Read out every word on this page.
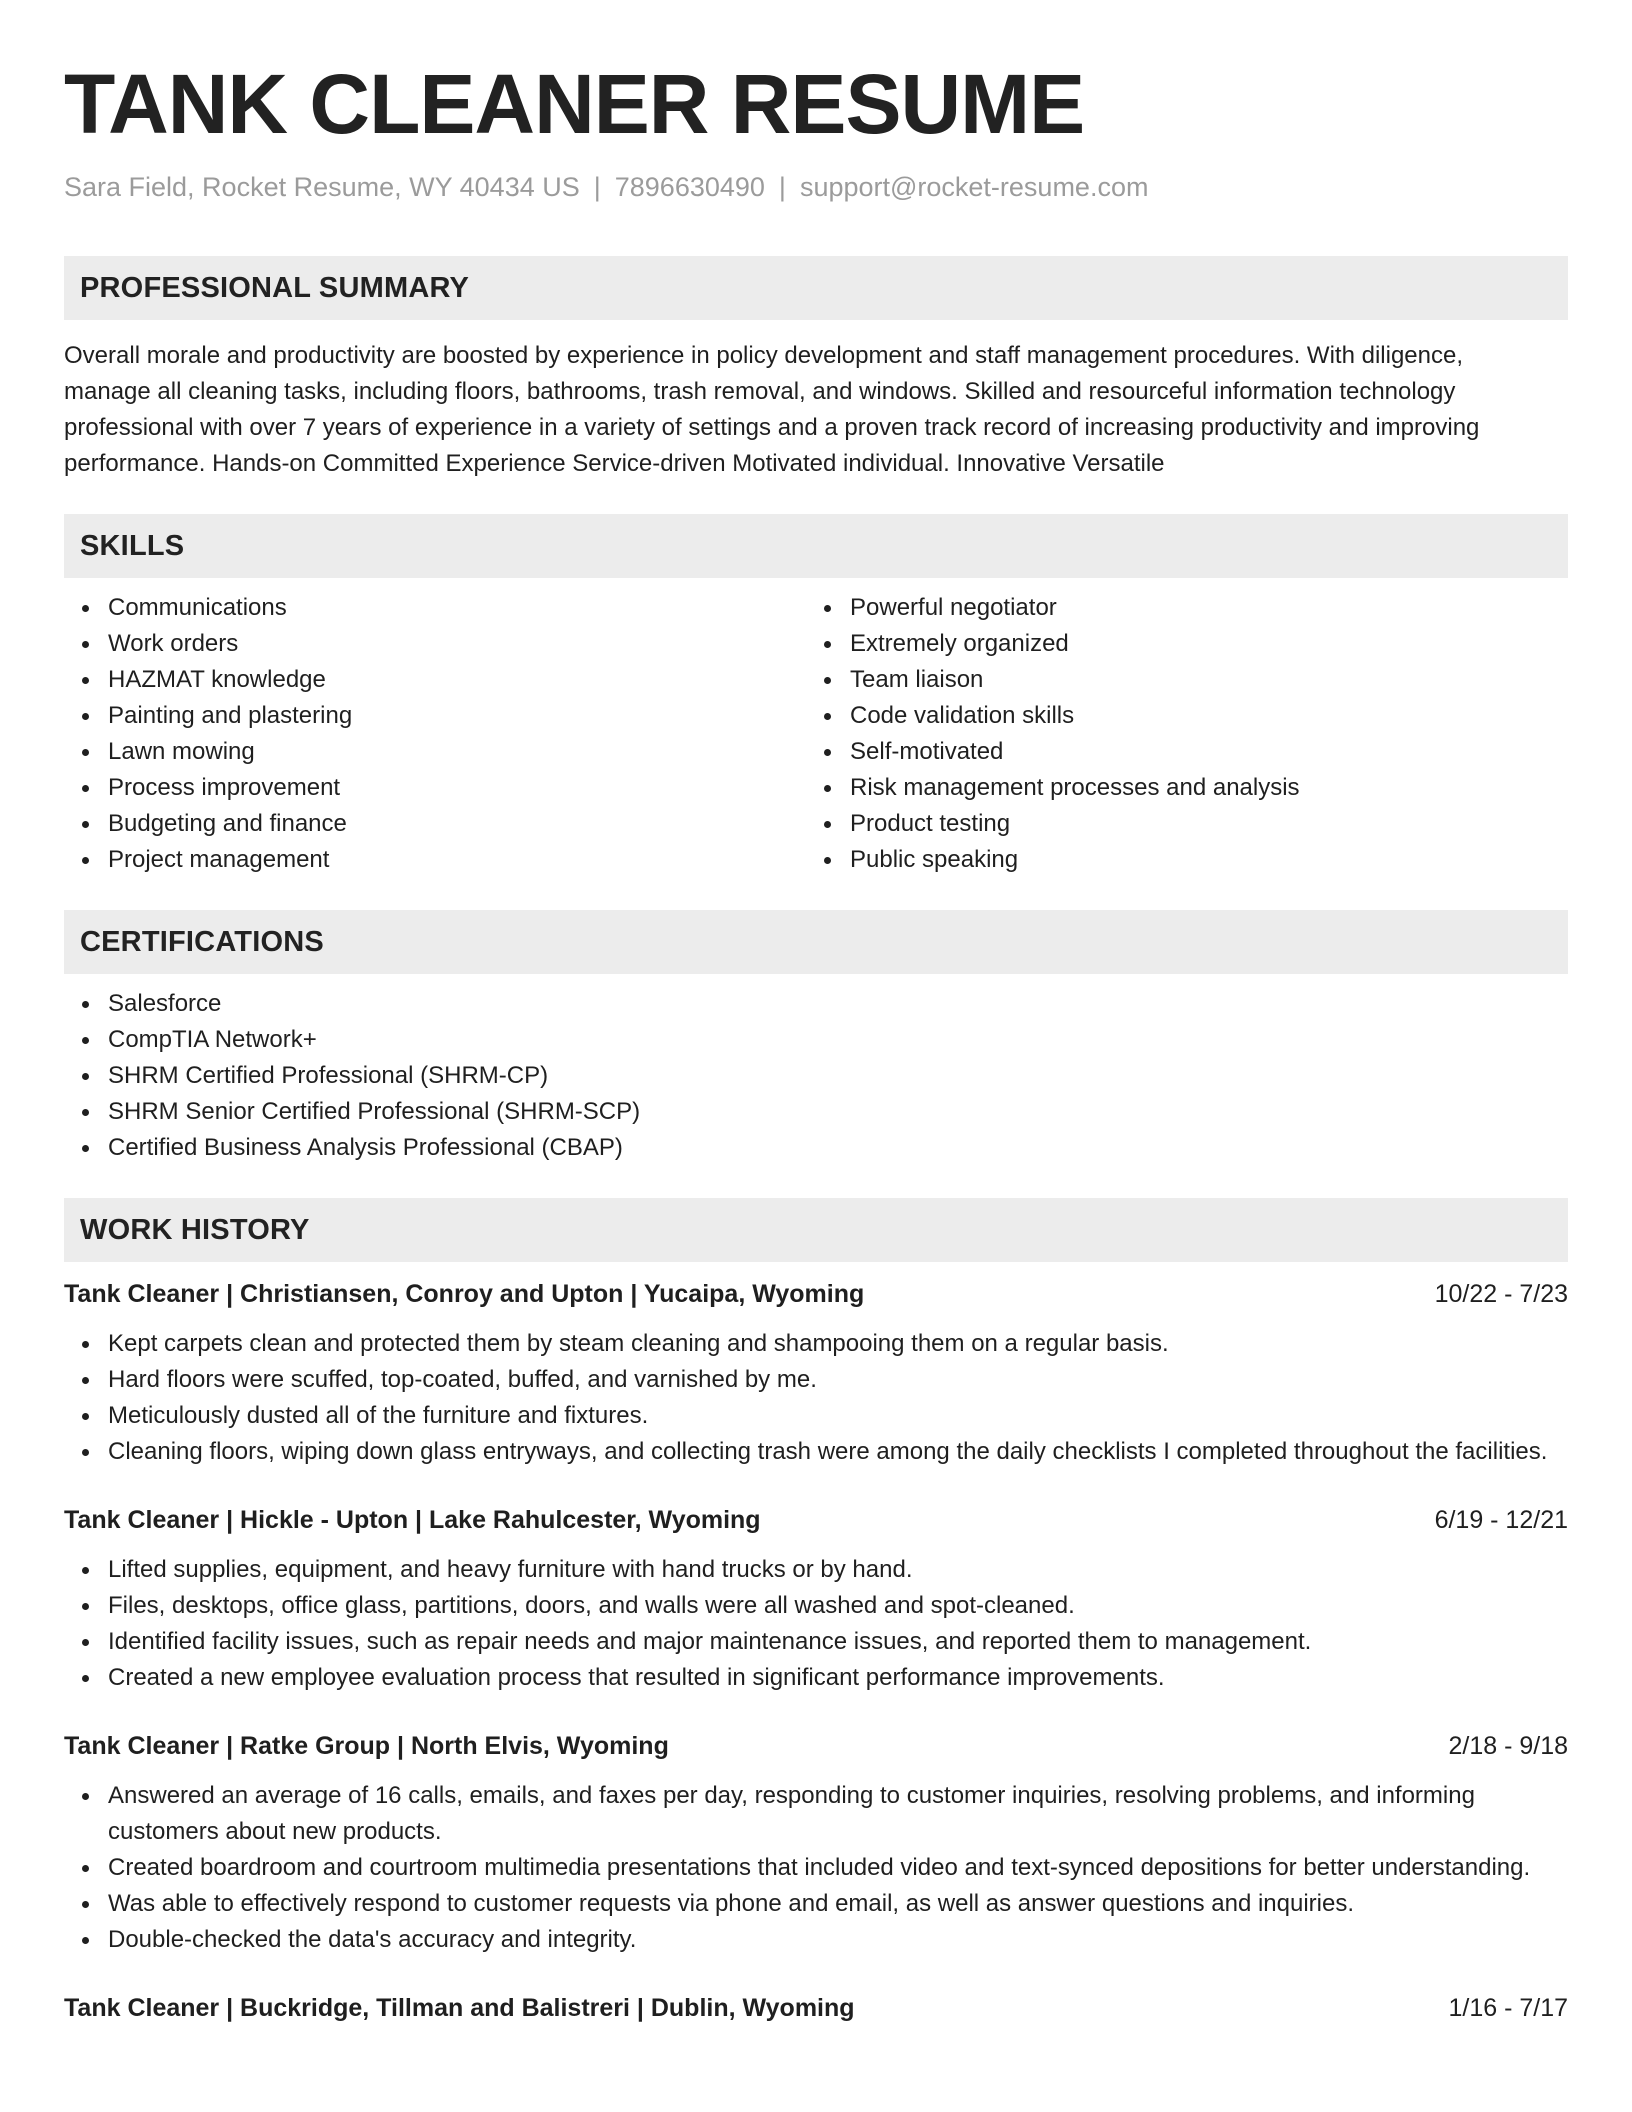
TANK CLEANER RESUME
Sara Field, Rocket Resume, WY 40434 US | 7896630490 | support@rocket-resume.com
PROFESSIONAL SUMMARY

Overall morale and productivity are boosted by experience in policy development and staff management procedures. With diligence, manage all cleaning tasks, including floors, bathrooms, trash removal, and windows. Skilled and resourceful information technology professional with over 7 years of experience in a variety of settings and a proven track record of increasing productivity and improving performance. Hands-on Committed Experience Service-driven Motivated individual. Innovative Versatile

SKILLS
Communications
Work orders
HAZMAT knowledge
Painting and plastering
Lawn mowing
Process improvement
Budgeting and finance
Project management
Powerful negotiator
Extremely organized
Team liaison
Code validation skills
Self-motivated
Risk management processes and analysis
Product testing
Public speaking
CERTIFICATIONS
Salesforce
CompTIA Network+
SHRM Certified Professional (SHRM-CP)
SHRM Senior Certified Professional (SHRM-SCP)
Certified Business Analysis Professional (CBAP)
WORK HISTORY
Tank Cleaner | Christiansen, Conroy and Upton | Yucaipa, Wyoming	10/22 - 7/23
Kept carpets clean and protected them by steam cleaning and shampooing them on a regular basis.
Hard floors were scuffed, top-coated, buffed, and varnished by me.
Meticulously dusted all of the furniture and fixtures.
Cleaning floors, wiping down glass entryways, and collecting trash were among the daily checklists I completed throughout the facilities.
Tank Cleaner | Hickle - Upton | Lake Rahulcester, Wyoming	6/19 - 12/21
Lifted supplies, equipment, and heavy furniture with hand trucks or by hand.
Files, desktops, office glass, partitions, doors, and walls were all washed and spot-cleaned.
Identified facility issues, such as repair needs and major maintenance issues, and reported them to management.
Created a new employee evaluation process that resulted in significant performance improvements.
Tank Cleaner | Ratke Group | North Elvis, Wyoming	2/18 - 9/18
Answered an average of 16 calls, emails, and faxes per day, responding to customer inquiries, resolving problems, and informing customers about new products.
Created boardroom and courtroom multimedia presentations that included video and text-synced depositions for better understanding.
Was able to effectively respond to customer requests via phone and email, as well as answer questions and inquiries.
Double-checked the data's accuracy and integrity.
Tank Cleaner | Buckridge, Tillman and Balistreri | Dublin, Wyoming	1/16 - 7/17
